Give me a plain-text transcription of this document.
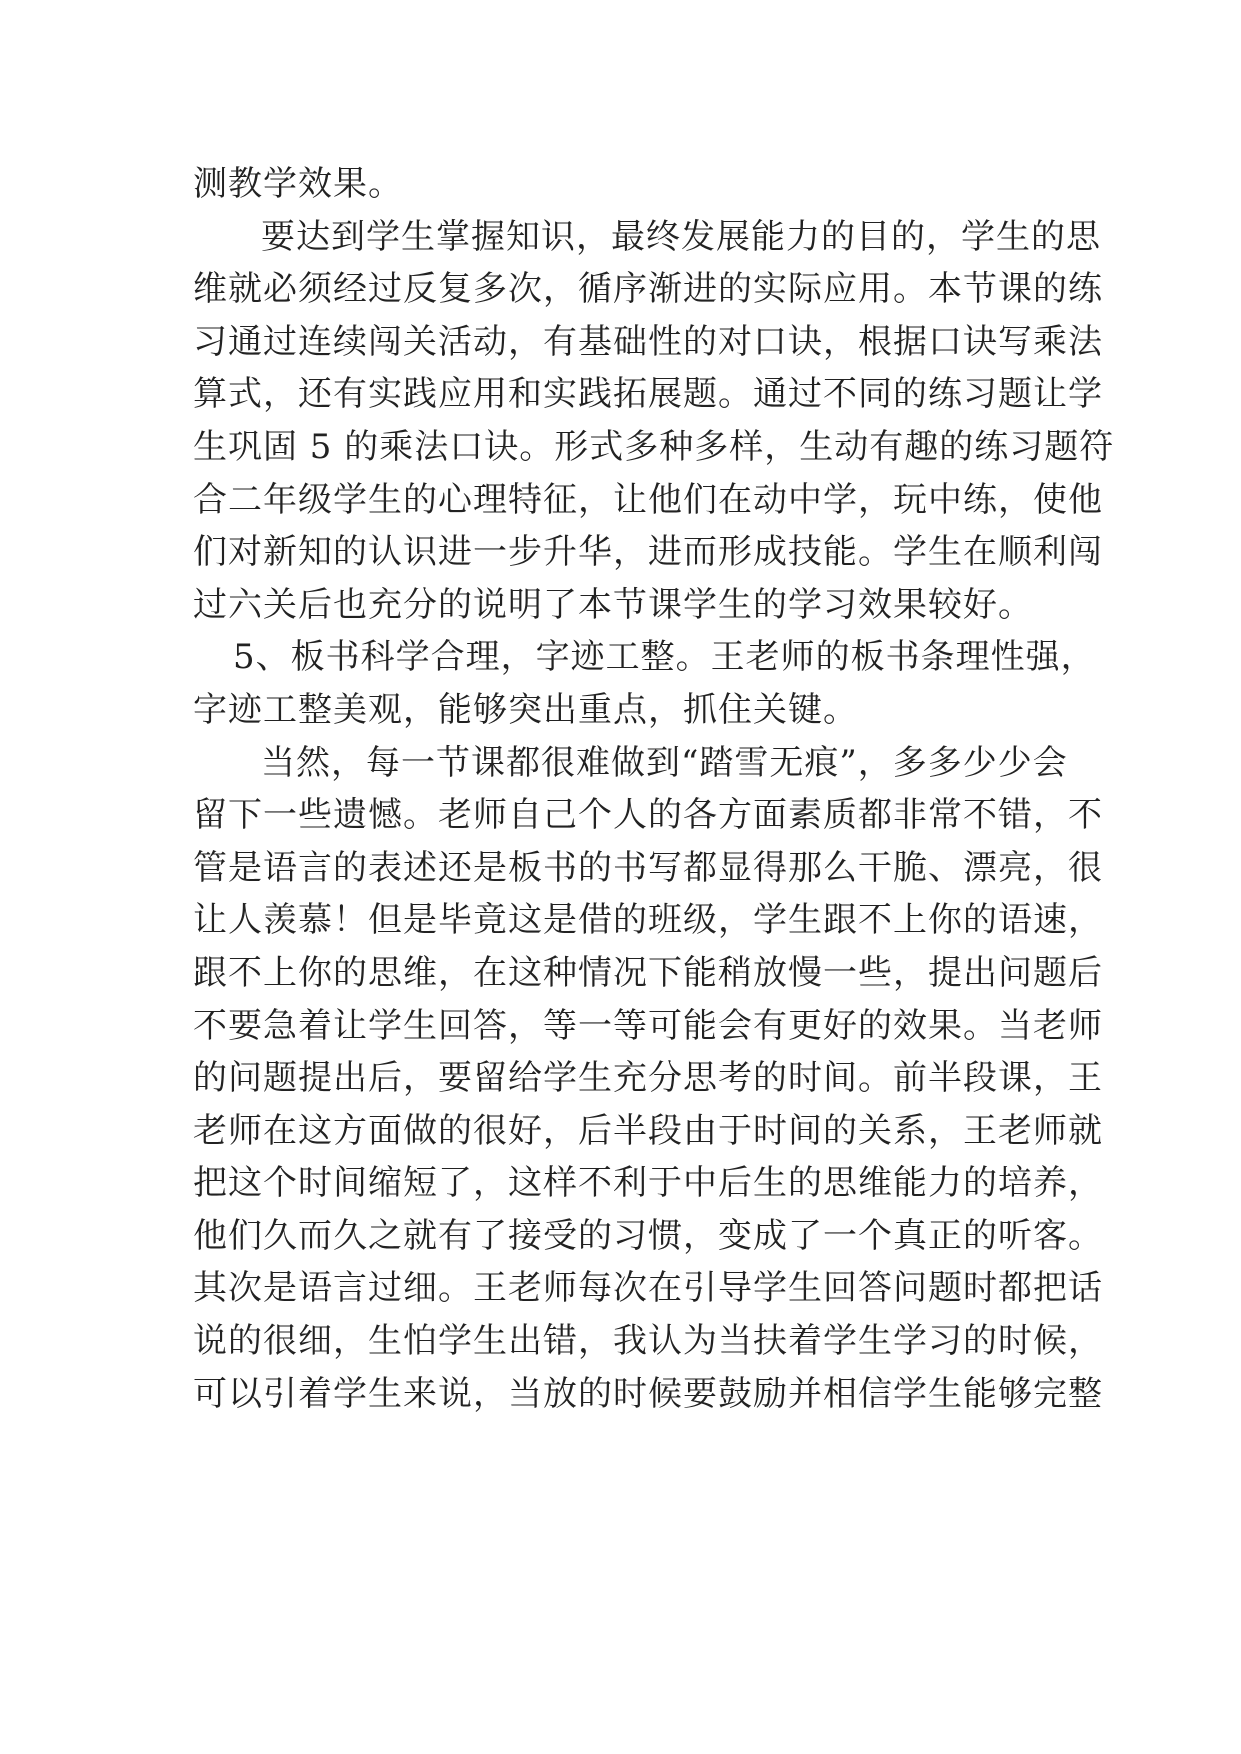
测教学效果。
要达到学生掌握知识，最终发展能力的目的，学生的思
维就必须经过反复多次，循序渐进的实际应用。本节课的练
习通过连续闯关活动，有基础性的对口诀，根据口诀写乘法
算式，还有实践应用和实践拓展题。通过不同的练习题让学
生巩固 5 的乘法口诀。形式多种多样，生动有趣的练习题符
合二年级学生的心理特征，让他们在动中学，玩中练，使他
们对新知的认识进一步升华，进而形成技能。学生在顺利闯
过六关后也充分的说明了本节课学生的学习效果较好。
5、板书科学合理，字迹工整。王老师的板书条理性强，
字迹工整美观，能够突出重点，抓住关键。
当然，每一节课都很难做到“踏雪无痕”，多多少少会
留下一些遗憾。老师自己个人的各方面素质都非常不错，不
管是语言的表述还是板书的书写都显得那么干脆、漂亮，很
让人羡慕！但是毕竟这是借的班级，学生跟不上你的语速，
跟不上你的思维，在这种情况下能稍放慢一些，提出问题后
不要急着让学生回答，等一等可能会有更好的效果。当老师
的问题提出后，要留给学生充分思考的时间。前半段课，王
老师在这方面做的很好，后半段由于时间的关系，王老师就
把这个时间缩短了，这样不利于中后生的思维能力的培养，
他们久而久之就有了接受的习惯，变成了一个真正的听客。
其次是语言过细。王老师每次在引导学生回答问题时都把话
说的很细，生怕学生出错，我认为当扶着学生学习的时候，
可以引着学生来说，当放的时候要鼓励并相信学生能够完整
